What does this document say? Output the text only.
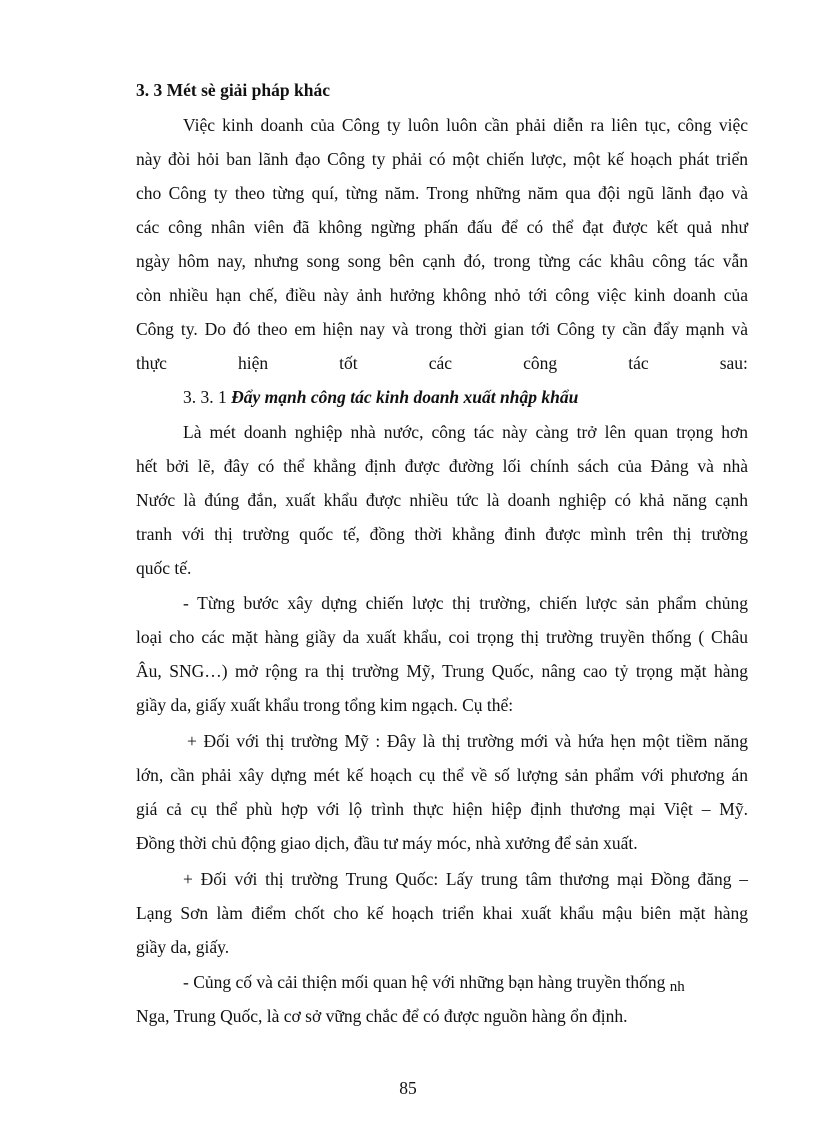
3. 3 Mét sè giải pháp khác
Việc kinh doanh của Công ty luôn luôn cần phải diễn ra liên tục, công việc
này đòi hỏi ban lãnh đạo Công ty phải có một chiến lược, một kế hoạch phát triển
cho Công ty theo từng quí, từng năm. Trong những năm qua đội ngũ lãnh đạo và
các công nhân viên đã không ngừng phấn đấu để có thể đạt được kết quả như
ngày hôm nay, nhưng song song bên cạnh đó, trong từng các khâu công tác vẫn
còn nhiều hạn chế, điều này ảnh hưởng không nhỏ tới công việc kinh doanh của
Công ty. Do đó theo em hiện nay và trong thời gian tới Công ty cần đẩy mạnh và
thực	hiện	tốt	các	công	tác	sau:
3. 3. 1 Đẩy mạnh công tác kinh doanh xuất nhập khẩu
Là mét doanh nghiệp nhà nước, công tác này càng trở lên quan trọng hơn
hết bởi lẽ, đây có thể khẳng định được đường lối chính sách của Đảng và nhà
Nước là đúng đắn, xuất khẩu được nhiều tức là doanh nghiệp có khả năng cạnh
tranh với thị trường quốc tế, đồng thời khẳng đinh được mình trên thị trường
quốc tế.
- Từng bước xây dựng chiến lược thị trường, chiến lược sản phẩm chủng
loại cho các mặt hàng giầy da xuất khẩu, coi trọng thị trường truyền thống ( Châu
Âu, SNG…) mở rộng ra thị trường Mỹ, Trung Quốc, nâng cao tỷ trọng mặt hàng
giầy da, giấy xuất khẩu trong tổng kim ngạch. Cụ thể:
+ Đối với thị trường Mỹ : Đây là thị trường mới và hứa hẹn một tiềm năng
lớn, cần phải xây dựng mét kế hoạch cụ thể về số lượng sản phẩm với phương án
giá cả cụ thể phù hợp với lộ trình thực hiện hiệp định thương mại Việt – Mỹ.
Đồng thời chủ động giao dịch, đầu tư máy móc, nhà xưởng để sản xuất.
+ Đối với thị trường Trung Quốc: Lấy trung tâm thương mại Đồng đăng –
Lạng Sơn làm điểm chốt cho kế hoạch triển khai xuất khẩu mậu biên mặt hàng
giầy da, giấy.
- Củng cố và cải thiện mối quan hệ với những bạn hàng truyền thống nh
Nga, Trung Quốc, là cơ sở vững chắc để có được nguồn hàng ổn định.
85
